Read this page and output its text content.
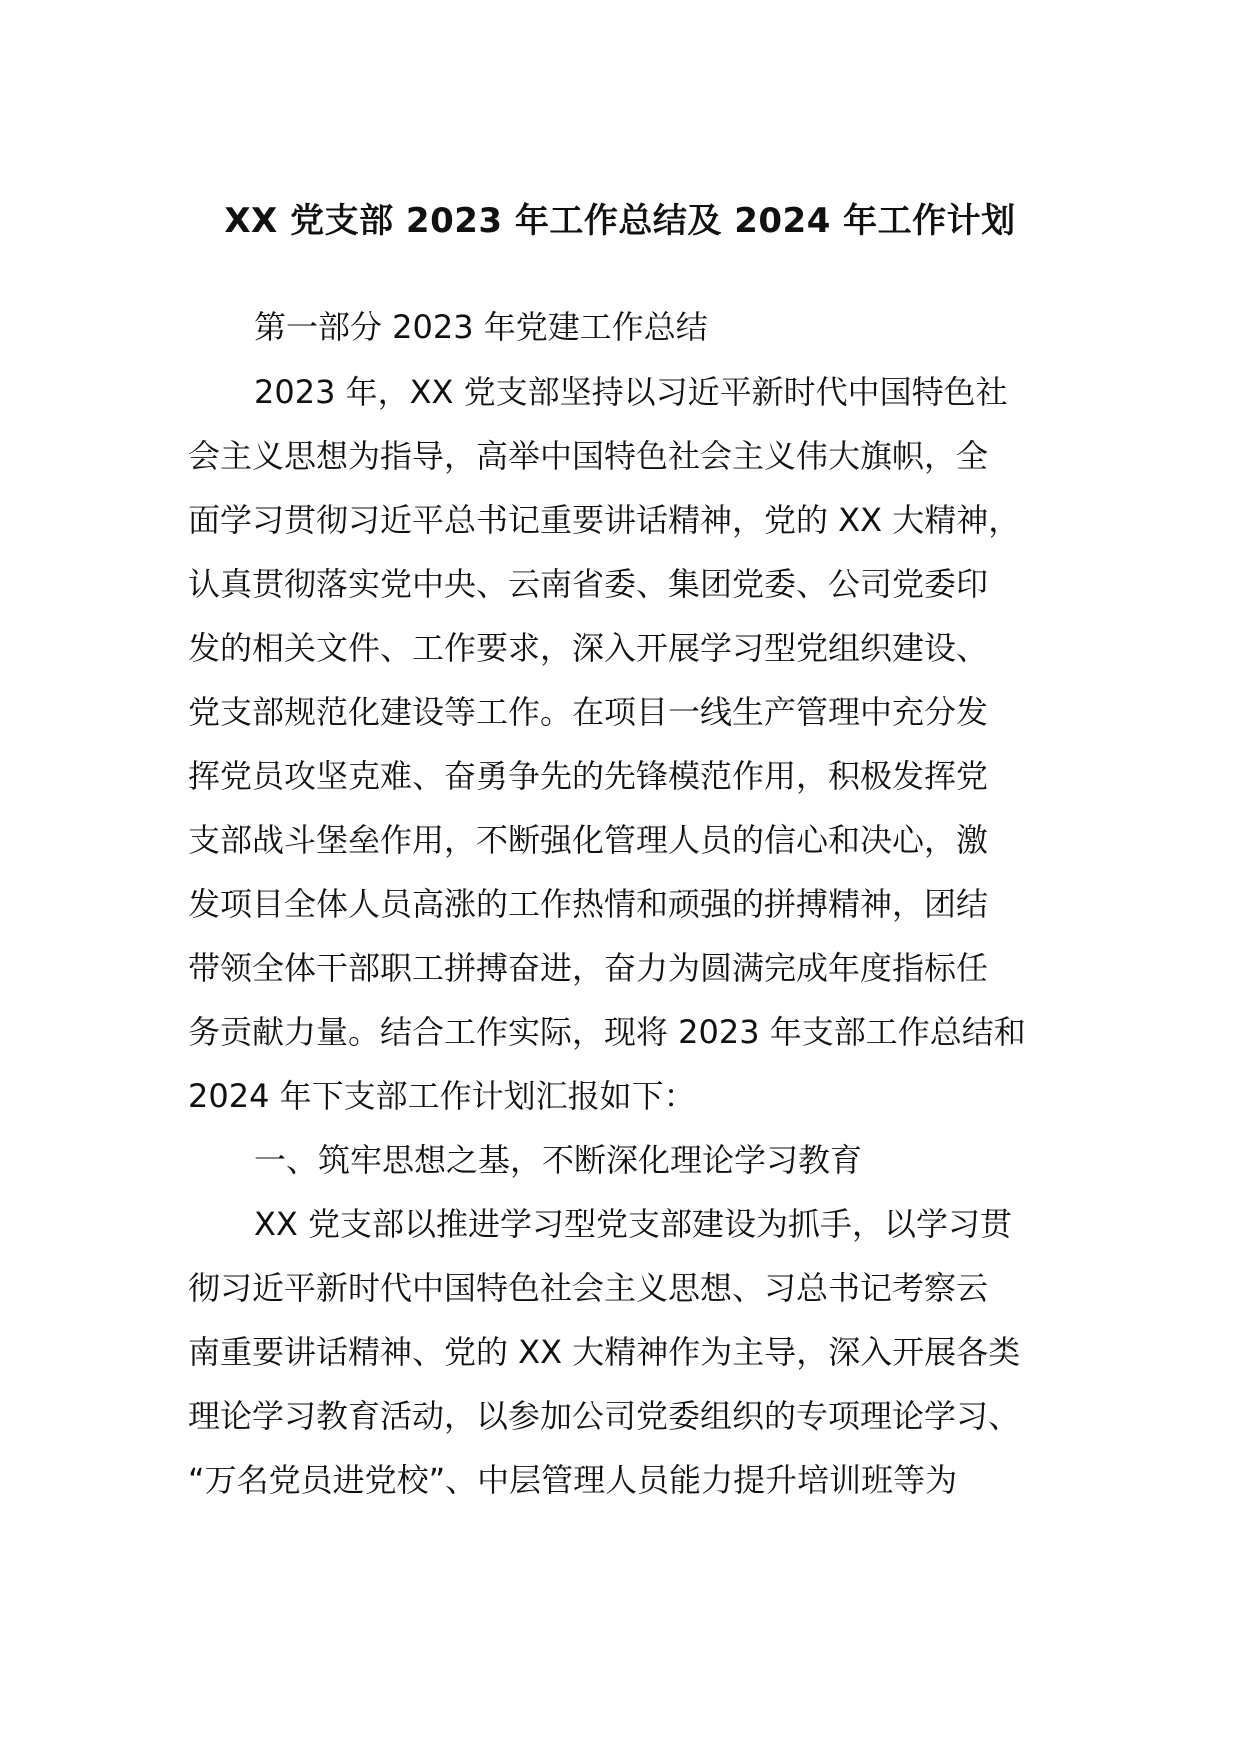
XX 党支部 2023 年工作总结及 2024 年工作计划
第一部分 2023 年党建工作总结
2023 年，XX 党支部坚持以习近平新时代中国特色社
会主义思想为指导，高举中国特色社会主义伟大旗帜，全
面学习贯彻习近平总书记重要讲话精神，党的 XX 大精神，
认真贯彻落实党中央、云南省委、集团党委、公司党委印
发的相关文件、工作要求，深入开展学习型党组织建设、
党支部规范化建设等工作。在项目一线生产管理中充分发
挥党员攻坚克难、奋勇争先的先锋模范作用，积极发挥党
支部战斗堡垒作用，不断强化管理人员的信心和决心，激
发项目全体人员高涨的工作热情和顽强的拼搏精神，团结
带领全体干部职工拼搏奋进，奋力为圆满完成年度指标任
务贡献力量。结合工作实际，现将 2023 年支部工作总结和
2024 年下支部工作计划汇报如下：
一、筑牢思想之基，不断深化理论学习教育
XX 党支部以推进学习型党支部建设为抓手，以学习贯
彻习近平新时代中国特色社会主义思想、习总书记考察云
南重要讲话精神、党的 XX 大精神作为主导，深入开展各类
理论学习教育活动，以参加公司党委组织的专项理论学习、
“万名党员进党校”、中层管理人员能力提升培训班等为
